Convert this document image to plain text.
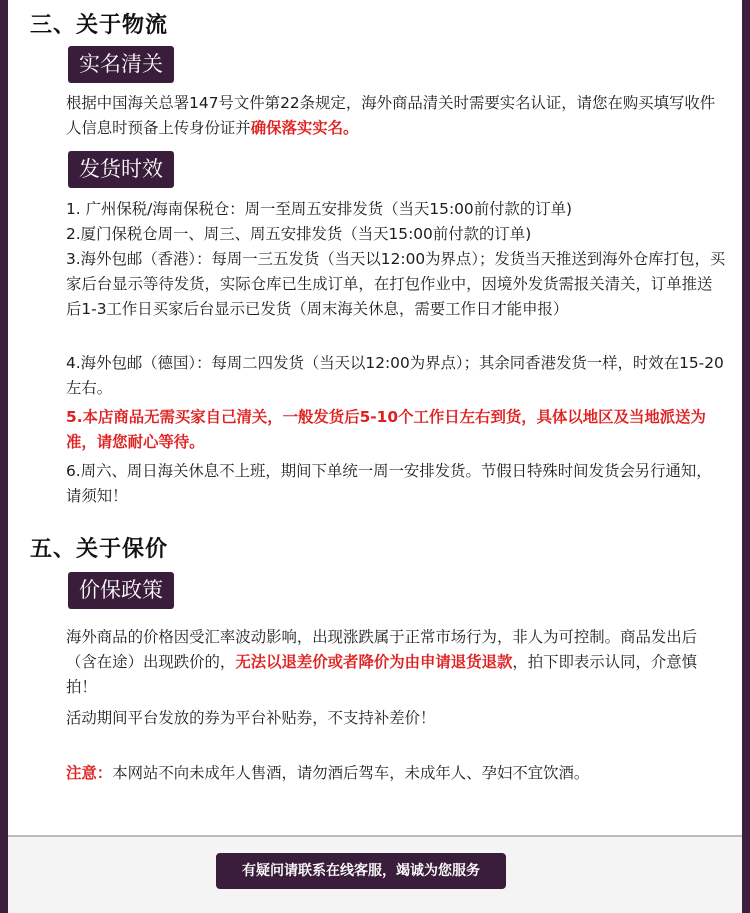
三、关于物流
实名清关
根据中国海关总署147号文件第22条规定，海外商品清关时需要实名认证，请您在购买填写收件人信息时预备上传身份证并确保落实实名。
发货时效
1. 广州保税/海南保税仓：周一至周五安排发货（当天15:00前付款的订单)
2.厦门保税仓周一、周三、周五安排发货（当天15:00前付款的订单)
3.海外包邮（香港）：每周一三五发货（当天以12:00为界点）；发货当天推送到海外仓库打包，买家后台显示等待发货，实际仓库已生成订单，在打包作业中，因境外发货需报关清关，订单推送后1-3工作日买家后台显示已发货（周末海关休息，需要工作日才能申报）
4.海外包邮（德国）：每周二四发货（当天以12:00为界点）；其余同香港发货一样，时效在15-20左右。
5.本店商品无需买家自己清关，一般发货后5-10个工作日左右到货，具体以地区及当地派送为准，请您耐心等待。
6.周六、周日海关休息不上班，期间下单统一周一安排发货。节假日特殊时间发货会另行通知，请须知！
五、关于保价
价保政策
海外商品的价格因受汇率波动影响，出现涨跌属于正常市场行为，非人为可控制。商品发出后（含在途）出现跌价的，无法以退差价或者降价为由申请退货退款，拍下即表示认同，介意慎拍！
活动期间平台发放的券为平台补贴券，不支持补差价！
注意：本网站不向未成年人售酒，请勿酒后驾车，未成年人、孕妇不宜饮酒。
有疑问请联系在线客服，竭诚为您服务
